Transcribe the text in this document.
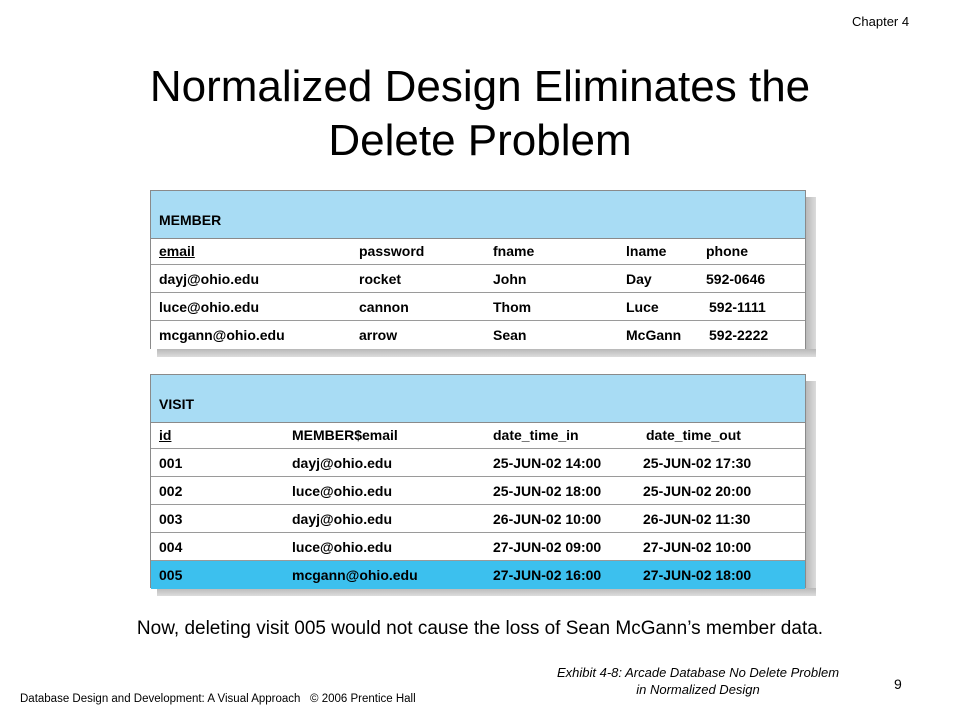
Chapter 4
Normalized Design Eliminates the
Delete Problem
MEMBER
email	password	fname	lname	phone
dayj@ohio.edu	rocket	John	Day	592-0646
luce@ohio.edu	cannon	Thom	Luce	592-1111
mcgann@ohio.edu	arrow	Sean	McGann 592-2222
VISIT
id	MEMBER$email	date_time_in	date_time_out
001	dayj@ohio.edu	25-JUN-02 14:00	25-JUN-02 17:30
002	luce@ohio.edu	25-JUN-02 18:00	25-JUN-02 20:00
003	dayj@ohio.edu	26-JUN-02 10:00	26-JUN-02 11:30
004	luce@ohio.edu	27-JUN-02 09:00	27-JUN-02 10:00
005	mcgann@ohio.edu	27-JUN-02 16:00	27-JUN-02 18:00

Now, deleting visit 005 would not cause the loss of Sean McGann’s member data.

Exhibit 4-8: Arcade Database No Delete Problem
in Normalized Design	9
Database Design and Development: A Visual Approach   © 2006 Prentice Hall
